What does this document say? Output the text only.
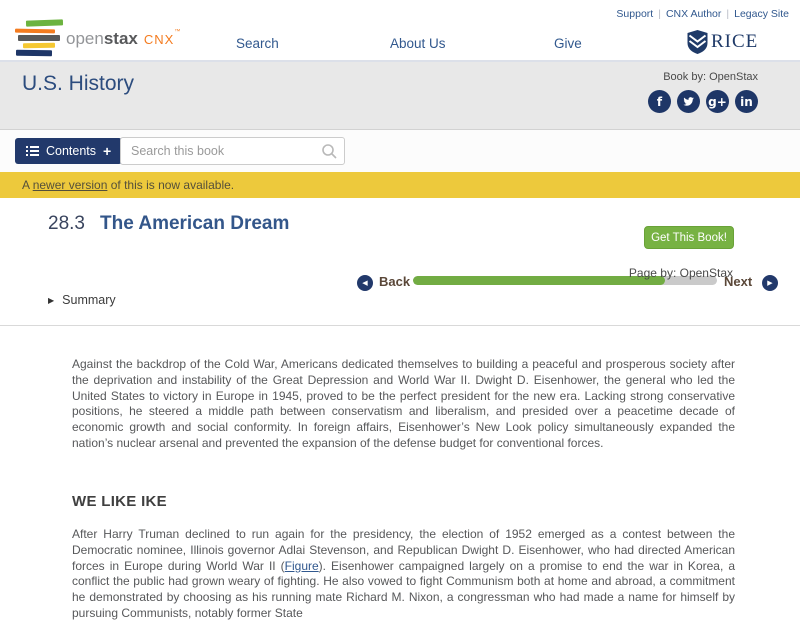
openstax CNX™
Search	About Us	Give
Support | CNX Author | Legacy Site
RICE
U.S. History	Book by: OpenStax
f	g+ in
Contents +
Search this book
◀ Back	Next	▶
A newer version of this is now available.
28.3 The American Dream
Get This Book!
Page by: OpenStax
▶ Summary

Against the backdrop of the Cold War, Americans dedicated themselves to building a peaceful and prosperous society after the deprivation and instability of the Great Depression and World War II. Dwight D. Eisenhower, the general who led the United States to victory in Europe in 1945, proved to be the perfect president for the new era. Lacking strong conservative positions, he steered a middle path between conservatism and liberalism, and presided over a peacetime decade of economic growth and social conformity. In foreign affairs, Eisenhower’s New Look policy simultaneously expanded the nation’s nuclear arsenal and prevented the expansion of the defense budget for conventional forces.

WE LIKE IKE

After Harry Truman declined to run again for the presidency, the election of 1952 emerged as a contest between the Democratic nominee, Illinois governor Adlai Stevenson, and Republican Dwight D. Eisenhower, who had directed American forces in Europe during World War II (Figure). Eisenhower campaigned largely on a promise to end the war in Korea, a conflict the public had grown weary of fighting. He also vowed to fight Communism both at home and abroad, a commitment he demonstrated by choosing as his running mate Richard M. Nixon, a congressman who had made a name for himself by pursuing Communists, notably former State
